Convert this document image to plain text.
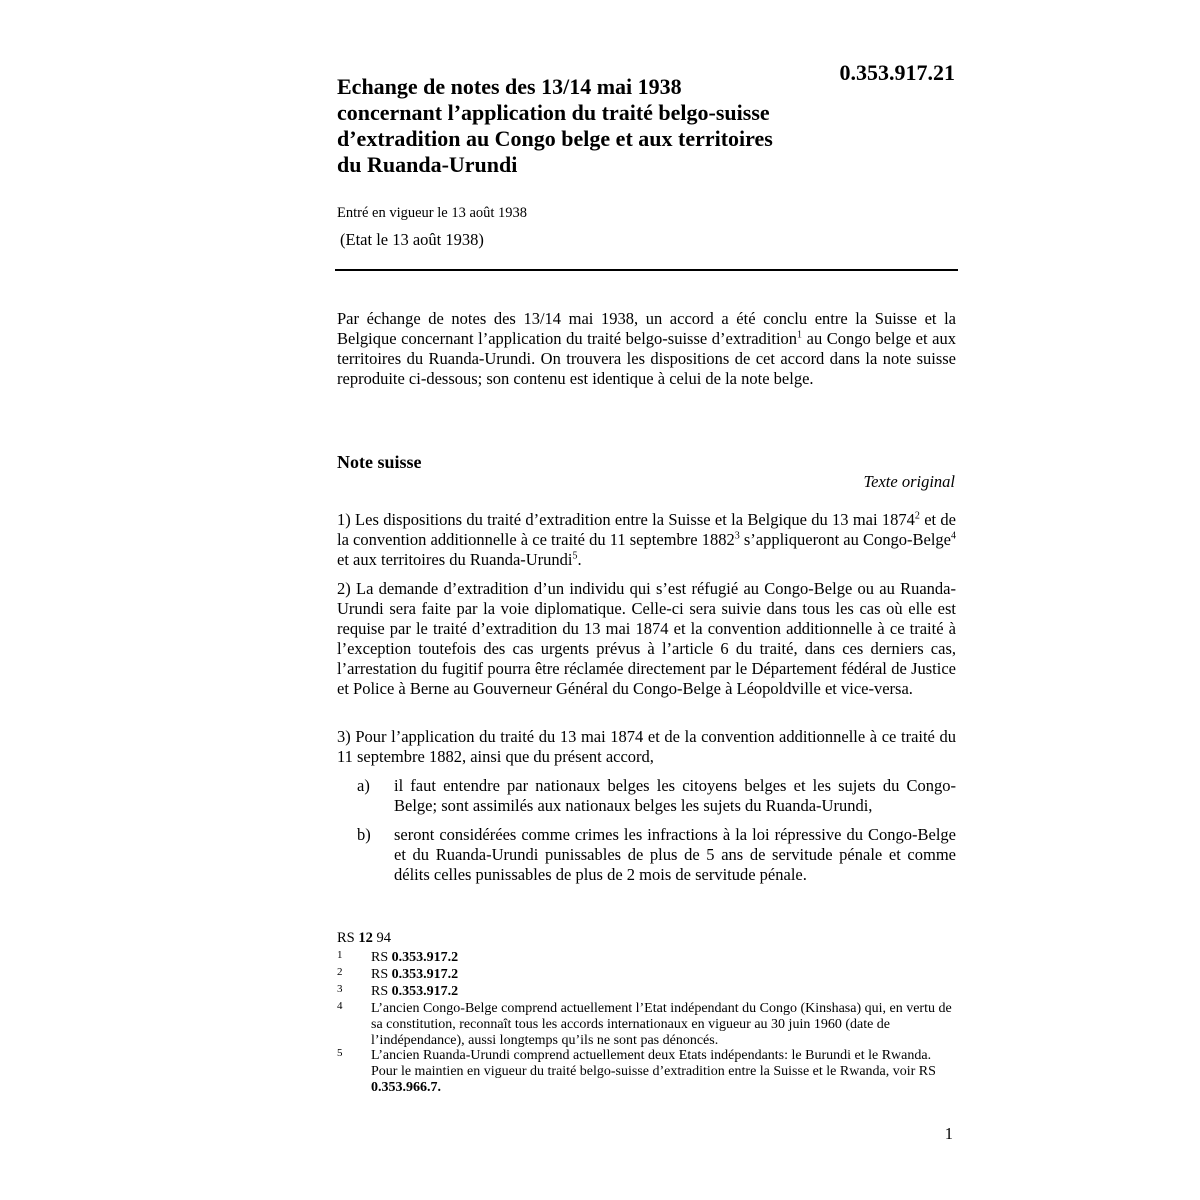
0.353.917.21
Echange de notes des 13/14 mai 1938
concernant l’application du traité belgo-suisse
d’extradition au Congo belge et aux territoires
du Ruanda-Urundi
Entré en vigueur le 13 août 1938
(Etat le 13 août 1938)
Par échange de notes des 13/14 mai 1938, un accord a été conclu entre la Suisse et la Belgique concernant l’application du traité belgo-suisse d’extradition$^1$ au Congo belge et aux territoires du Ruanda-Urundi. On trouvera les dispositions de cet accord dans la note suisse reproduite ci-dessous; son contenu est identique à celui de la note belge.
Note suisse
Texte original
1) Les dispositions du traité d’extradition entre la Suisse et la Belgique du 13 mai 1874$^2$ et de la convention additionnelle à ce traité du 11 septembre 1882$^3$ s’appliqueront au Congo-Belge$^4$ et aux territoires du Ruanda-Urundi$^5$.
2) La demande d’extradition d’un individu qui s’est réfugié au Congo-Belge ou au Ruanda-Urundi sera faite par la voie diplomatique. Celle-ci sera suivie dans tous les cas où elle est requise par le traité d’extradition du 13 mai 1874 et la convention additionnelle à ce traité à l’exception toutefois des cas urgents prévus à l’article 6 du traité, dans ces derniers cas, l’arrestation du fugitif pourra être réclamée directement par le Département fédéral de Justice et Police à Berne au Gouverneur Général du Congo-Belge à Léopoldville et vice-versa.
3) Pour l’application du traité du 13 mai 1874 et de la convention additionnelle à ce traité du 11 septembre 1882, ainsi que du présent accord,
a) il faut entendre par nationaux belges les citoyens belges et les sujets du Congo-Belge; sont assimilés aux nationaux belges les sujets du Ruanda-Urundi,
b) seront considérées comme crimes les infractions à la loi répressive du Congo-Belge et du Ruanda-Urundi punissables de plus de 5 ans de servitude pénale et comme délits celles punissables de plus de 2 mois de servitude pénale.
RS 12 94
1 RS 0.353.917.2
2 RS 0.353.917.2
3 RS 0.353.917.2
4 L’ancien Congo-Belge comprend actuellement l’Etat indépendant du Congo (Kinshasa) qui, en vertu de sa constitution, reconnaît tous les accords internationaux en vigueur au 30 juin 1960 (date de l’indépendance), aussi longtemps qu’ils ne sont pas dénoncés.
5 L’ancien Ruanda-Urundi comprend actuellement deux Etats indépendants: le Burundi et le Rwanda. Pour le maintien en vigueur du traité belgo-suisse d’extradition entre la Suisse et le Rwanda, voir RS 0.353.966.7.
1
